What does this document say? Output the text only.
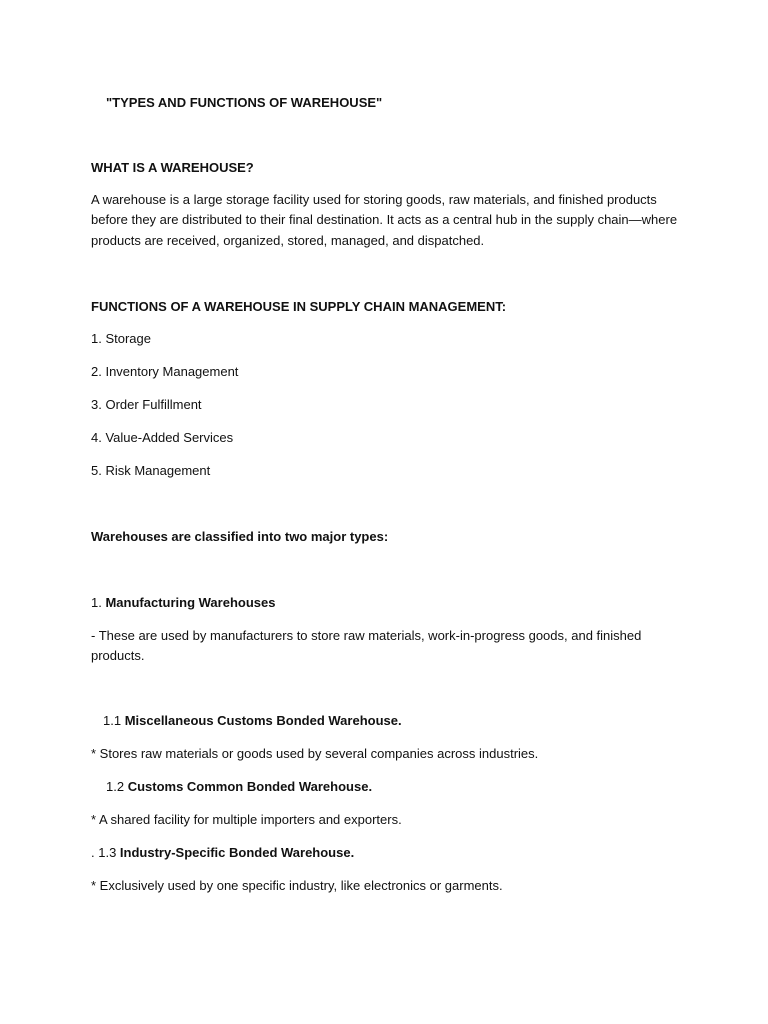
"TYPES AND FUNCTIONS OF WAREHOUSE"
WHAT IS A WAREHOUSE?
A warehouse is a large storage facility used for storing goods, raw materials, and finished products
before they are distributed to their final destination. It acts as a central hub in the supply chain—where
products are received, organized, stored, managed, and dispatched.
FUNCTIONS OF A WAREHOUSE IN SUPPLY CHAIN MANAGEMENT:
1. Storage
2. Inventory Management
3. Order Fulfillment
4. Value-Added Services
5. Risk Management
Warehouses are classified into two major types:
1. Manufacturing Warehouses
- These are used by manufacturers to store raw materials, work-in-progress goods, and finished
products.
1.1 Miscellaneous Customs Bonded Warehouse.
* Stores raw materials or goods used by several companies across industries.
1.2 Customs Common Bonded Warehouse.
* A shared facility for multiple importers and exporters.
. 1.3 Industry-Specific Bonded Warehouse.
* Exclusively used by one specific industry, like electronics or garments.
